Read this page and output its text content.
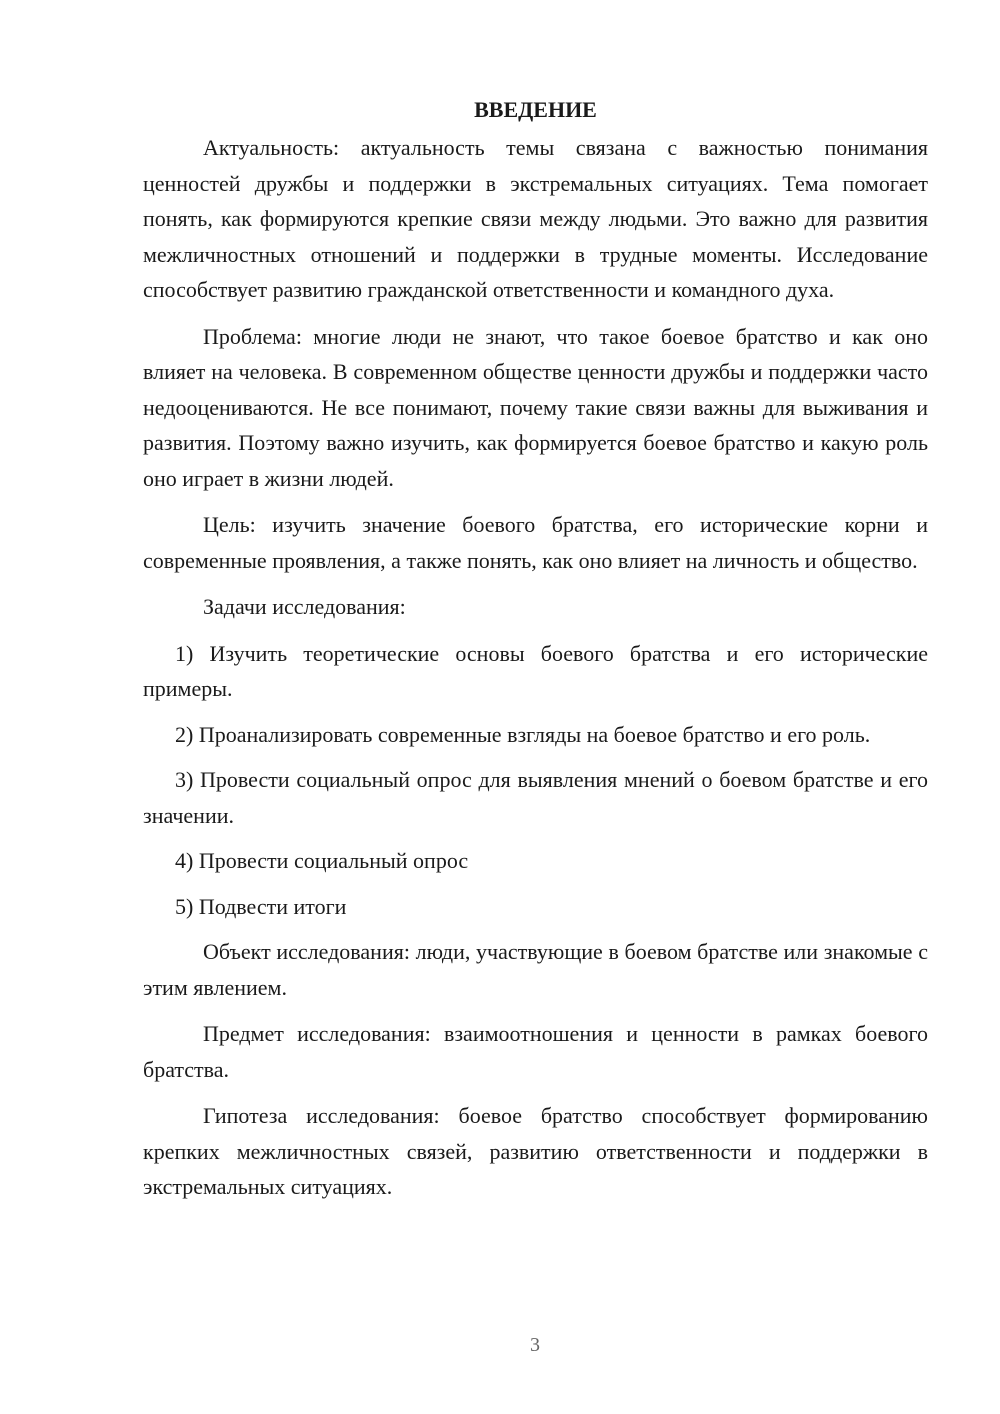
ВВЕДЕНИЕ

Актуальность: актуальность темы связана с важностью понимания ценностей дружбы и поддержки в экстремальных ситуациях. Тема помогает понять, как формируются крепкие связи между людьми. Это важно для развития межличностных отношений и поддержки в трудные моменты. Исследование способствует развитию гражданской ответственности и командного духа.

Проблема: многие люди не знают, что такое боевое братство и как оно влияет на человека. В современном обществе ценности дружбы и поддержки часто недооцениваются. Не все понимают, почему такие связи важны для выживания и развития. Поэтому важно изучить, как формируется боевое братство и какую роль оно играет в жизни людей.

Цель: изучить значение боевого братства, его исторические корни и современные проявления, а также понять, как оно влияет на личность и общество.

Задачи исследования:

1) Изучить теоретические основы боевого братства и его исторические примеры.

2) Проанализировать современные взгляды на боевое братство и его роль.

3) Провести социальный опрос для выявления мнений о боевом братстве и его значении.

4) Провести социальный опрос

5) Подвести итоги

Объект исследования: люди, участвующие в боевом братстве или знакомые с этим явлением.

Предмет исследования: взаимоотношения и ценности в рамках боевого братства.

Гипотеза исследования: боевое братство способствует формированию крепких межличностных связей, развитию ответственности и поддержки в экстремальных ситуациях.

3
